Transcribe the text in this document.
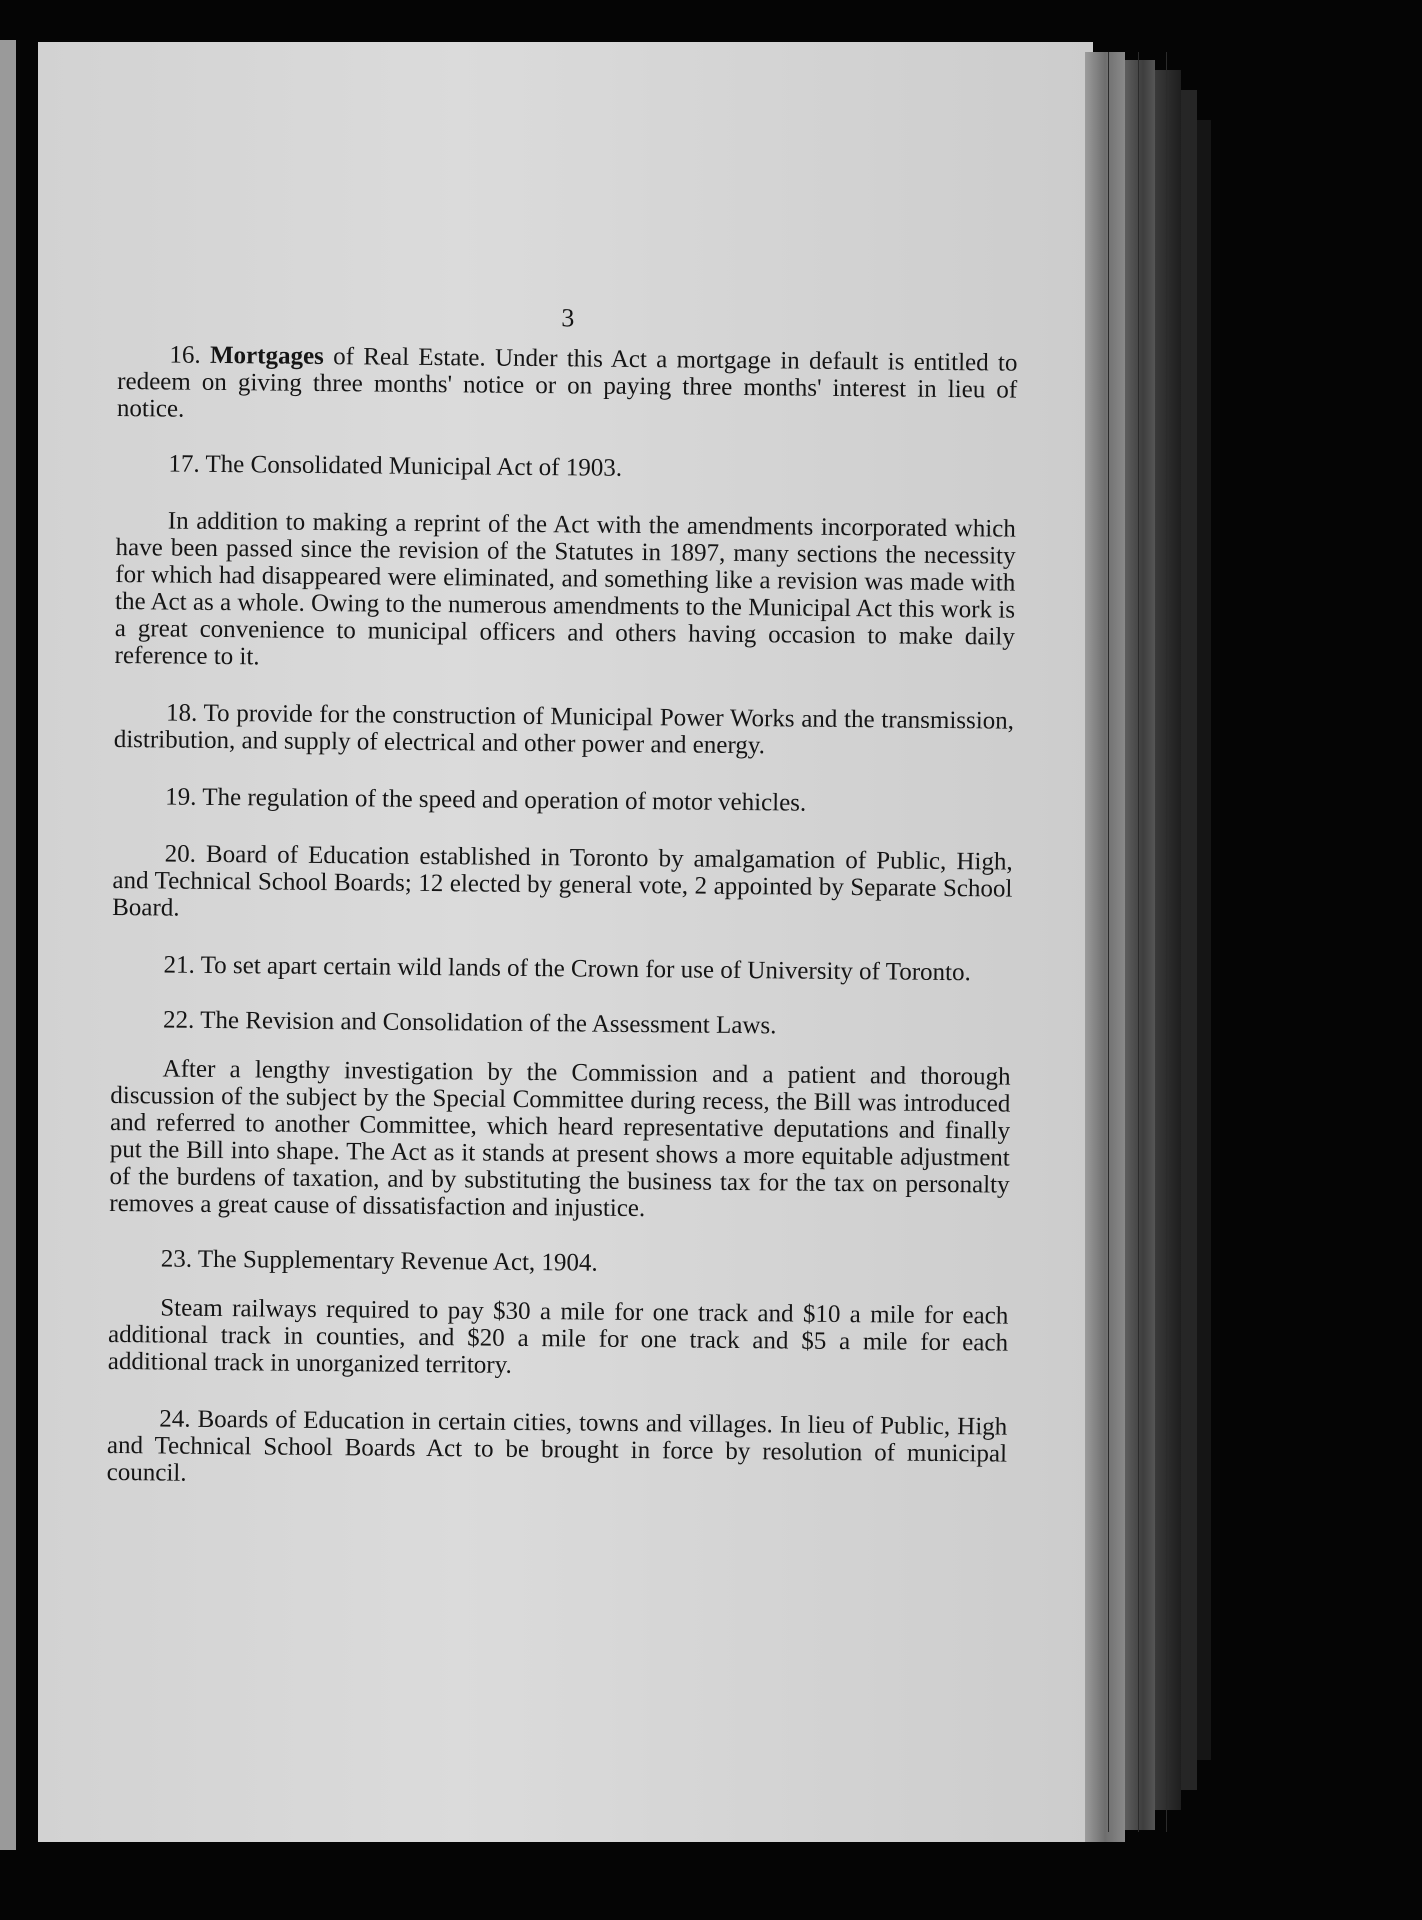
3

16. Mortgages of Real Estate. Under this Act a mortgage in default is entitled to redeem on giving three months' notice or on paying three months' interest in lieu of notice.

17. The Consolidated Municipal Act of 1903.

In addition to making a reprint of the Act with the amendments incorporated which have been passed since the revision of the Statutes in 1897, many sections the necessity for which had disappeared were eliminated, and something like a revision was made with the Act as a whole. Owing to the numerous amendments to the Municipal Act this work is a great convenience to municipal officers and others having occasion to make daily reference to it.

18. To provide for the construction of Municipal Power Works and the transmission, distribution, and supply of electrical and other power and energy.

19. The regulation of the speed and operation of motor vehicles.

20. Board of Education established in Toronto by amalgamation of Public, High, and Technical School Boards; 12 elected by general vote, 2 appointed by Separate School Board.

21. To set apart certain wild lands of the Crown for use of University of Toronto.

22. The Revision and Consolidation of the Assessment Laws.

After a lengthy investigation by the Commission and a patient and thorough discussion of the subject by the Special Committee during recess, the Bill was introduced and referred to another Committee, which heard representative deputations and finally put the Bill into shape. The Act as it stands at present shows a more equitable adjustment of the burdens of taxation, and by substituting the business tax for the tax on personalty removes a great cause of dissatisfaction and injustice.

23. The Supplementary Revenue Act, 1904.

Steam railways required to pay $30 a mile for one track and $10 a mile for each additional track in counties, and $20 a mile for one track and $5 a mile for each additional track in unorganized territory.

24. Boards of Education in certain cities, towns and villages. In lieu of Public, High and Technical School Boards Act to be brought in force by resolution of municipal council.
